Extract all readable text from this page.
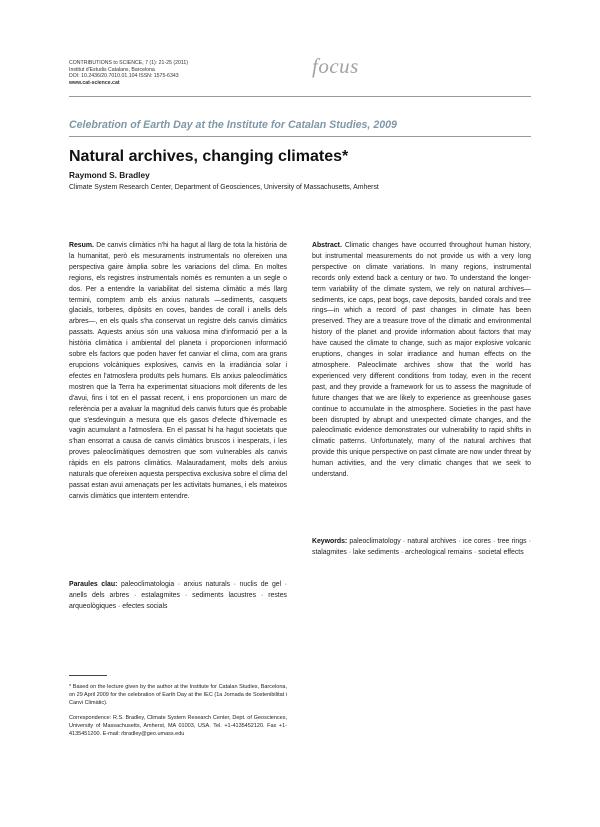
CONTRIBUTIONS to SCIENCE, 7 (1): 21-25 (2011)
Institut d'Estudis Catalans, Barcelona
DOI: 10.2436/20.7010.01.104 ISSN: 1575-6343
www.cat-science.cat
focus
Celebration of Earth Day at the Institute for Catalan Studies, 2009
Natural archives, changing climates*
Raymond S. Bradley
Climate System Research Center, Department of Geosciences, University of Massachusetts, Amherst

Resum. De canvis climàtics n'hi ha hagut al llarg de tota la història de la humanitat, però els mesuraments instrumentals no ofereixen una perspectiva gaire àmplia sobre les variacions del clima. En moltes regions, els registres instrumentals només es remunten a un segle o dos. Per a entendre la variabilitat del sistema climàtic a més llarg termini, comptem amb els arxius naturals —sediments, casquets glacials, torberes, dipòsits en coves, bandes de corall i anells dels arbres—, en els quals s'ha conservat un registre dels canvis climàtics passats. Aquests arxius són una valuosa mina d'informació per a la història climàtica i ambiental del planeta i proporcionen informació sobre els factors que poden haver fet canviar el clima, com ara grans erupcions volcàniques explosives, canvis en la irradiància solar i efectes en l'atmosfera produïts pels humans. Els arxius paleoclimàtics mostren que la Terra ha experimentat situacions molt diferents de les d'avui, fins i tot en el passat recent, i ens proporcionen un marc de referència per a avaluar la magnitud dels canvis futurs que és probable que s'esdevinguin a mesura que els gasos d'efecte d'hivernacle es vagin acumulant a l'atmosfera. En el passat hi ha hagut societats que s'han ensorrat a causa de canvis climàtics bruscos i inesperats, i les proves paleoclimàtiques demostren que som vulnerables als canvis ràpids en els patrons climàtics. Malauradament, molts dels arxius naturals que ofereixen aquesta perspectiva exclusiva sobre el clima del passat estan avui amenaçats per les activitats humanes, i els mateixos canvis climàtics que intentem entendre.

Paraules clau: paleoclimatologia · arxius naturals · nuclis de gel · anells dels arbres · estalagmites · sediments lacustres · restes arqueològiques · efectes socials

Abstract. Climatic changes have occurred throughout human history, but instrumental measurements do not provide us with a very long perspective on climate variations. In many regions, instrumental records only extend back a century or two. To understand the longer-term variability of the climate system, we rely on natural archives— sediments, ice caps, peat bogs, cave deposits, banded corals and tree rings—in which a record of past changes in climate has been preserved. They are a treasure trove of the climatic and environmental history of the planet and provide information about factors that may have caused the climate to change, such as major explosive volcanic eruptions, changes in solar irradiance and human effects on the atmosphere. Paleoclimate archives show that the world has experienced very different conditions from today, even in the recent past, and they provide a framework for us to assess the magnitude of future changes that we are likely to experience as greenhouse gases continue to accumulate in the atmosphere. Societies in the past have been disrupted by abrupt and unexpected climate changes, and the paleoclimatic evidence demonstrates our vulnerability to rapid shifts in climatic patterns. Unfortunately, many of the natural archives that provide this unique perspective on past climate are now under threat by human activities, and the very climatic changes that we seek to understand.

Keywords: paleoclimatology · natural archives · ice cores · tree rings · stalagmites · lake sediments · archeological remains · societal effects

* Based on the lecture given by the author at the Institute for Catalan Studies, Barcelona, on 29 April 2009 for the celebration of Earth Day at the IEC (1a Jornada de Sostenibilitat i Canvi Climàtic).

Correspondence: R.S. Bradley, Climate System Research Center, Dept. of Geosciences, University of Massachusetts, Amherst, MA 01003, USA. Tel. +1-4135452120. Fax +1-4135451200. E-mail: rbradley@geo.umass.edu
